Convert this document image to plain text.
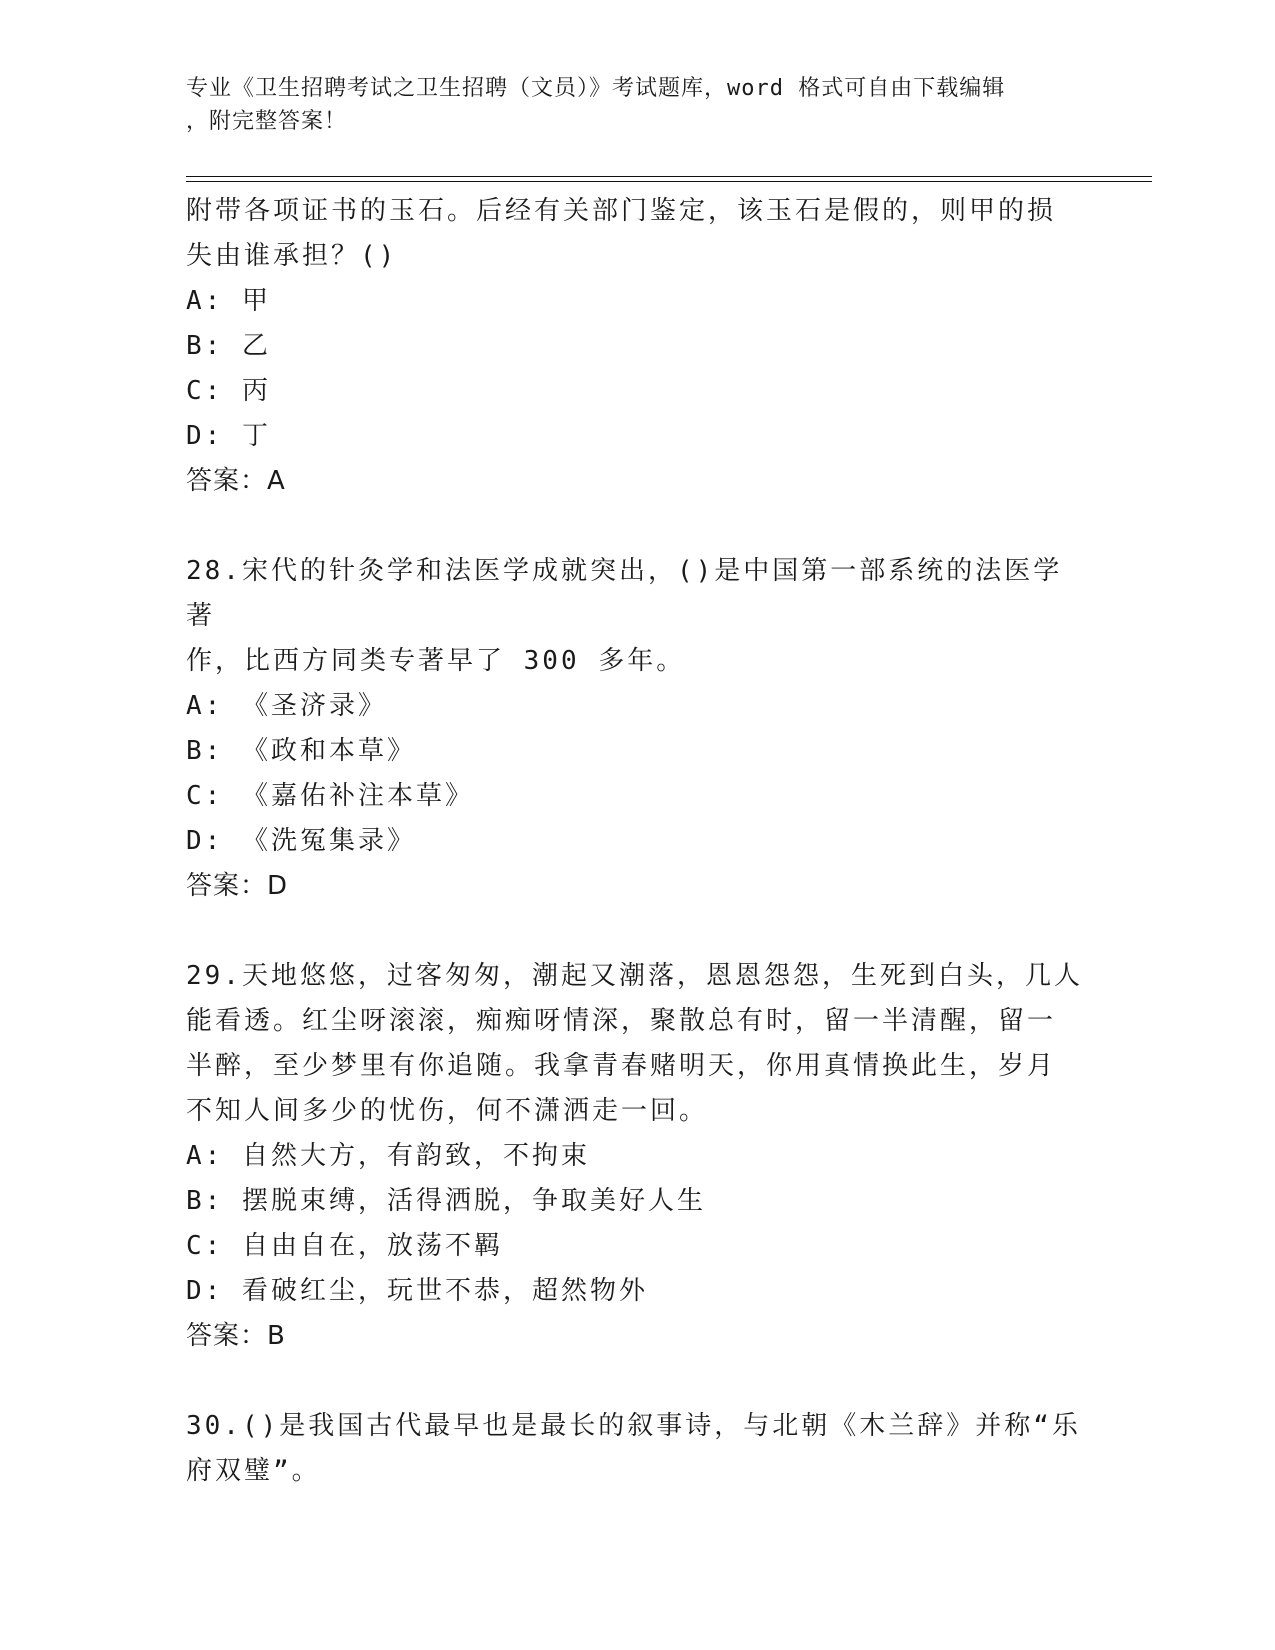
专业《卫生招聘考试之卫生招聘（文员）》考试题库，word 格式可自由下载编辑
，附完整答案！

附带各项证书的玉石。后经有关部门鉴定，该玉石是假的，则甲的损

失由谁承担？()

A: 甲

B: 乙

C: 丙

D: 丁

答案：A

28.宋代的针灸学和法医学成就突出，()是中国第一部系统的法医学著

作，比西方同类专著早了 300 多年。

A: 《圣济录》

B: 《政和本草》

C: 《嘉佑补注本草》

D: 《洗冤集录》

答案：D

29.天地悠悠，过客匆匆，潮起又潮落，恩恩怨怨，生死到白头，几人

能看透。红尘呀滚滚，痴痴呀情深，聚散总有时，留一半清醒，留一

半醉，至少梦里有你追随。我拿青春赌明天，你用真情换此生，岁月

不知人间多少的忧伤，何不潇洒走一回。

A: 自然大方，有韵致，不拘束

B: 摆脱束缚，活得洒脱，争取美好人生

C: 自由自在，放荡不羁

D: 看破红尘，玩世不恭，超然物外

答案：B

30.()是我国古代最早也是最长的叙事诗，与北朝《木兰辞》并称“乐

府双璧”。
